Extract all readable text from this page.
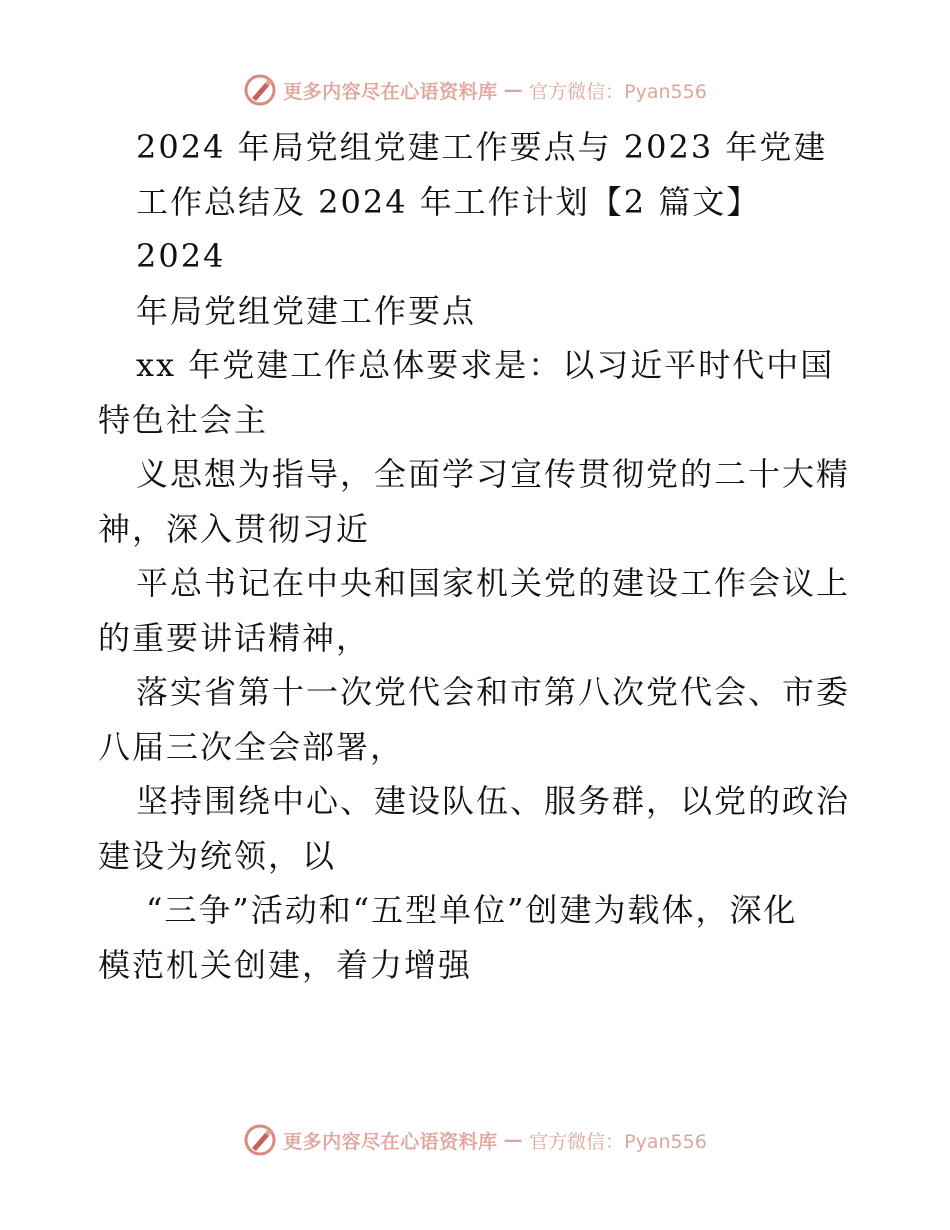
更多内容尽在心语资料库 — 官方微信：Pyan556
2024 年局党组党建工作要点与 2023 年党建
工作总结及 2024 年工作计划【2 篇文】
2024
年局党组党建工作要点
xx 年党建工作总体要求是：以习近平时代中国
特色社会主
义思想为指导，全面学习宣传贯彻党的二十大精
神，深入贯彻习近
平总书记在中央和国家机关党的建设工作会议上
的重要讲话精神，
落实省第十一次党代会和市第八次党代会、市委
八届三次全会部署，
坚持围绕中心、建设队伍、服务群，以党的政治
建设为统领，以
“三争”活动和“五型单位”创建为载体，深化
模范机关创建，着力增强
更多内容尽在心语资料库 — 官方微信：Pyan556
